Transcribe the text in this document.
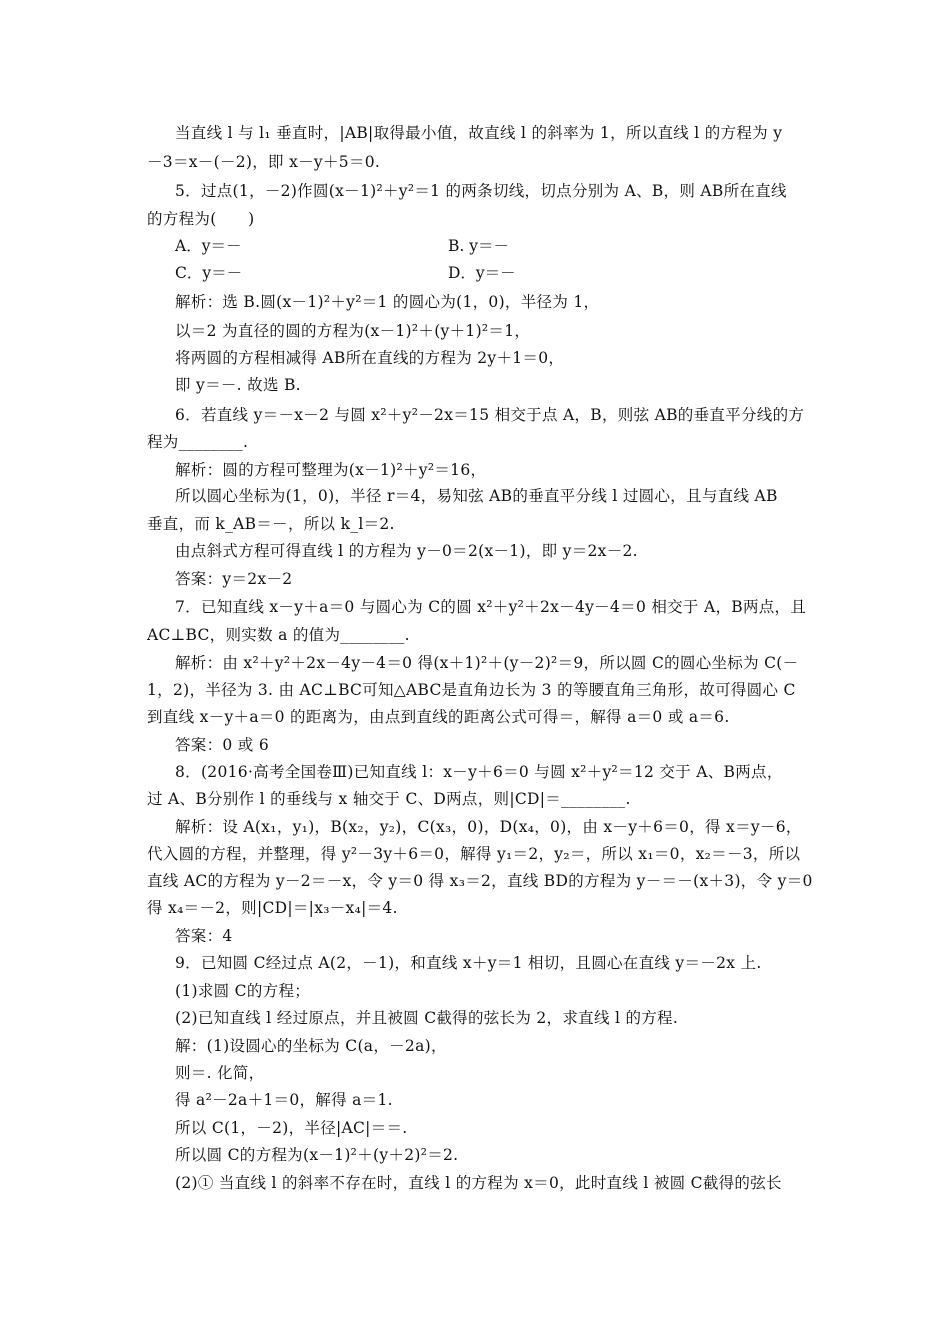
当直线 l 与 l₁ 垂直时，|AB|取得最小值，故直线 l 的斜率为 1，所以直线 l 的方程为 y
－3＝x－(－2)，即 x－y＋5＝0.
5．过点(1，－2)作圆(x－1)²＋y²＝1 的两条切线，切点分别为 A、B，则 AB所在直线
的方程为(　　)
A．y＝－	B. y＝－
C．y＝－	D．y＝－
解析：选 B.圆(x－1)²＋y²＝1 的圆心为(1，0)，半径为 1，
以＝2 为直径的圆的方程为(x－1)²＋(y＋1)²＝1，
将两圆的方程相减得 AB所在直线的方程为 2y＋1＝0，
即 y＝－. 故选 B.
6．若直线 y＝－x－2 与圆 x²＋y²－2x＝15 相交于点 A，B，则弦 AB的垂直平分线的方
程为________.
解析：圆的方程可整理为(x－1)²＋y²＝16，
所以圆心坐标为(1，0)，半径 r＝4，易知弦 AB的垂直平分线 l 过圆心，且与直线 AB
垂直，而 k_AB＝－，所以 k_l＝2.
由点斜式方程可得直线 l 的方程为 y－0＝2(x－1)，即 y＝2x－2.
答案：y＝2x－2
7．已知直线 x－y＋a＝0 与圆心为 C的圆 x²＋y²＋2x－4y－4＝0 相交于 A，B两点，且
AC⊥BC，则实数 a 的值为________.
解析：由 x²＋y²＋2x－4y－4＝0 得(x＋1)²＋(y－2)²＝9，所以圆 C的圆心坐标为 C(－
1，2)，半径为 3. 由 AC⊥BC可知△ABC是直角边长为 3 的等腰直角三角形，故可得圆心 C
到直线 x－y＋a＝0 的距离为，由点到直线的距离公式可得＝，解得 a＝0 或 a＝6.
答案：0 或 6
8．(2016·高考全国卷Ⅲ)已知直线 l：x－y＋6＝0 与圆 x²＋y²＝12 交于 A、B两点，
过 A、B分别作 l 的垂线与 x 轴交于 C、D两点，则|CD|＝________.
解析：设 A(x₁，y₁)，B(x₂，y₂)，C(x₃，0)，D(x₄，0)，由 x－y＋6＝0，得 x＝y－6，
代入圆的方程，并整理，得 y²－3y＋6＝0，解得 y₁＝2，y₂＝，所以 x₁＝0，x₂＝－3，所以
直线 AC的方程为 y－2＝－x，令 y＝0 得 x₃＝2，直线 BD的方程为 y－＝－(x＋3)，令 y＝0
得 x₄＝－2，则|CD|＝|x₃－x₄|＝4.
答案：4
9．已知圆 C经过点 A(2，－1)，和直线 x＋y＝1 相切，且圆心在直线 y＝－2x 上.
(1)求圆 C的方程；
(2)已知直线 l 经过原点，并且被圆 C截得的弦长为 2，求直线 l 的方程.
解：(1)设圆心的坐标为 C(a，－2a)，
则＝. 化简，
得 a²－2a＋1＝0，解得 a＝1.
所以 C(1，－2)，半径|AC|＝＝.
所以圆 C的方程为(x－1)²＋(y＋2)²＝2.
(2)① 当直线 l 的斜率不存在时，直线 l 的方程为 x＝0，此时直线 l 被圆 C截得的弦长
